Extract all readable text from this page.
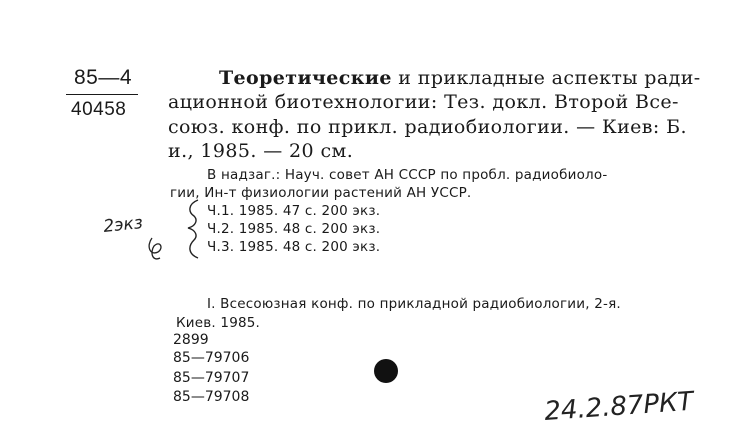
85—4
40458
Теоретические и прикладные аспекты ради-
ационной биотехнологии: Тез. докл. Второй Все-
союз. конф. по прикл. радиобиологии. — Киев: Б.
и., 1985. — 20 см.
В надзаг.: Науч. совет АН СССР по пробл. радиобиоло-
гии, Ин-т физиологии растений АН УССР.
Ч.1. 1985. 47 с. 200 экз.
Ч.2. 1985. 48 с. 200 экз.
Ч.3. 1985. 48 с. 200 экз.
I. Всесоюзная конф. по прикладной радиобиологии, 2-я.
Киев. 1985.
2899
85—79706
85—79707
85—79708
2экз
24.2.87РКТ
